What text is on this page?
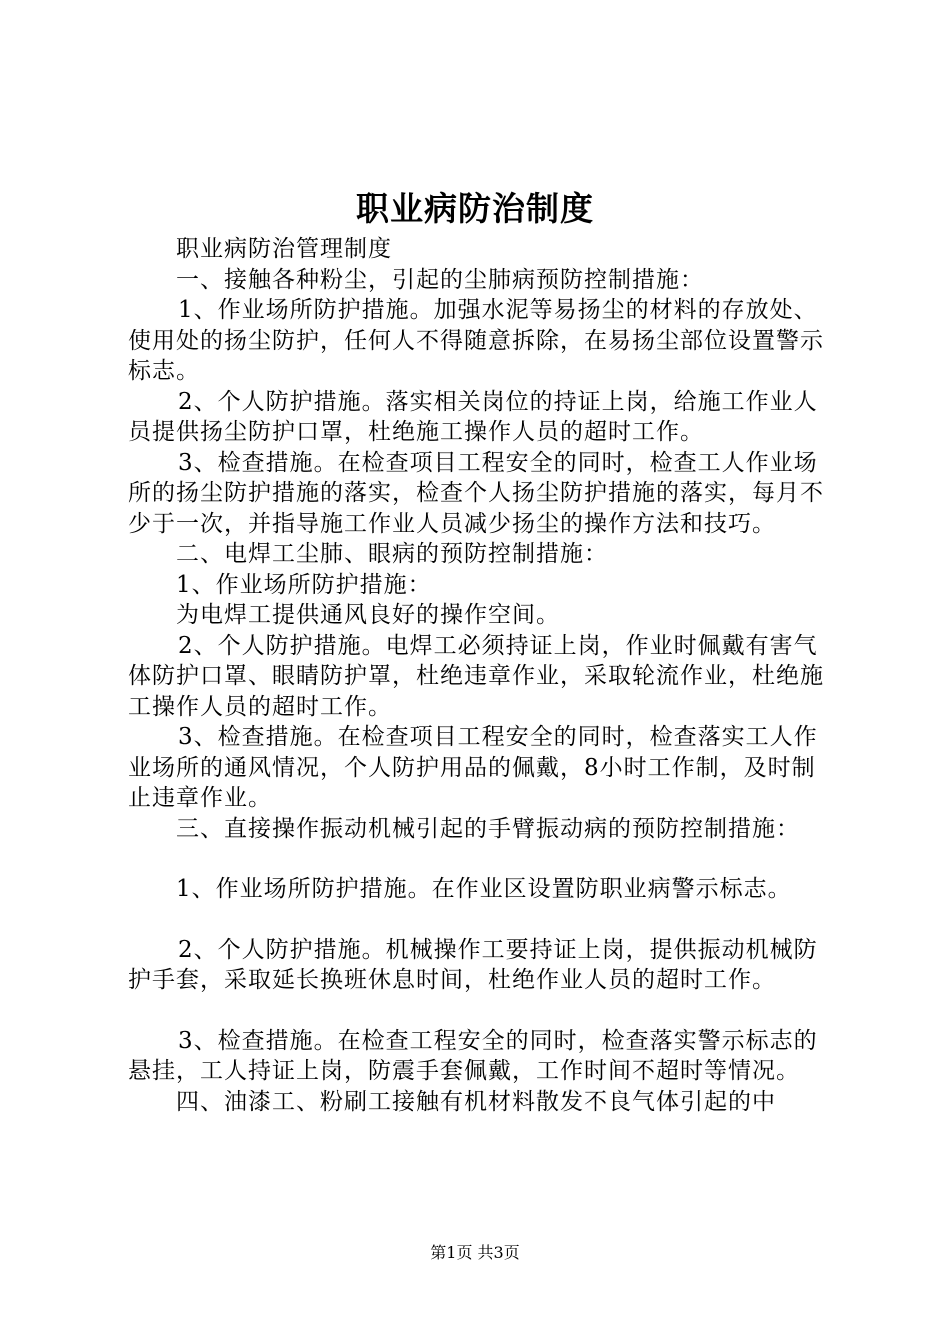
职业病防治制度

职业病防治管理制度

一、接触各种粉尘，引起的尘肺病预防控制措施：

1、作业场所防护措施。加强水泥等易扬尘的材料的存放处、使用处的扬尘防护，任何人不得随意拆除，在易扬尘部位设置警示标志。

2、个人防护措施。落实相关岗位的持证上岗，给施工作业人员提供扬尘防护口罩，杜绝施工操作人员的超时工作。

3、检查措施。在检查项目工程安全的同时，检查工人作业场所的扬尘防护措施的落实，检查个人扬尘防护措施的落实，每月不少于一次，并指导施工作业人员减少扬尘的操作方法和技巧。

二、电焊工尘肺、眼病的预防控制措施：

1、作业场所防护措施：

为电焊工提供通风良好的操作空间。

2、个人防护措施。电焊工必须持证上岗，作业时佩戴有害气体防护口罩、眼睛防护罩，杜绝违章作业，采取轮流作业，杜绝施工操作人员的超时工作。

3、检查措施。在检查项目工程安全的同时，检查落实工人作业场所的通风情况，个人防护用品的佩戴，8小时工作制，及时制止违章作业。

三、直接操作振动机械引起的手臂振动病的预防控制措施：

1、作业场所防护措施。在作业区设置防职业病警示标志。

2、个人防护措施。机械操作工要持证上岗，提供振动机械防护手套，采取延长换班休息时间，杜绝作业人员的超时工作。

3、检查措施。在检查工程安全的同时，检查落实警示标志的悬挂，工人持证上岗，防震手套佩戴，工作时间不超时等情况。

四、油漆工、粉刷工接触有机材料散发不良气体引起的中

第1页 共3页
